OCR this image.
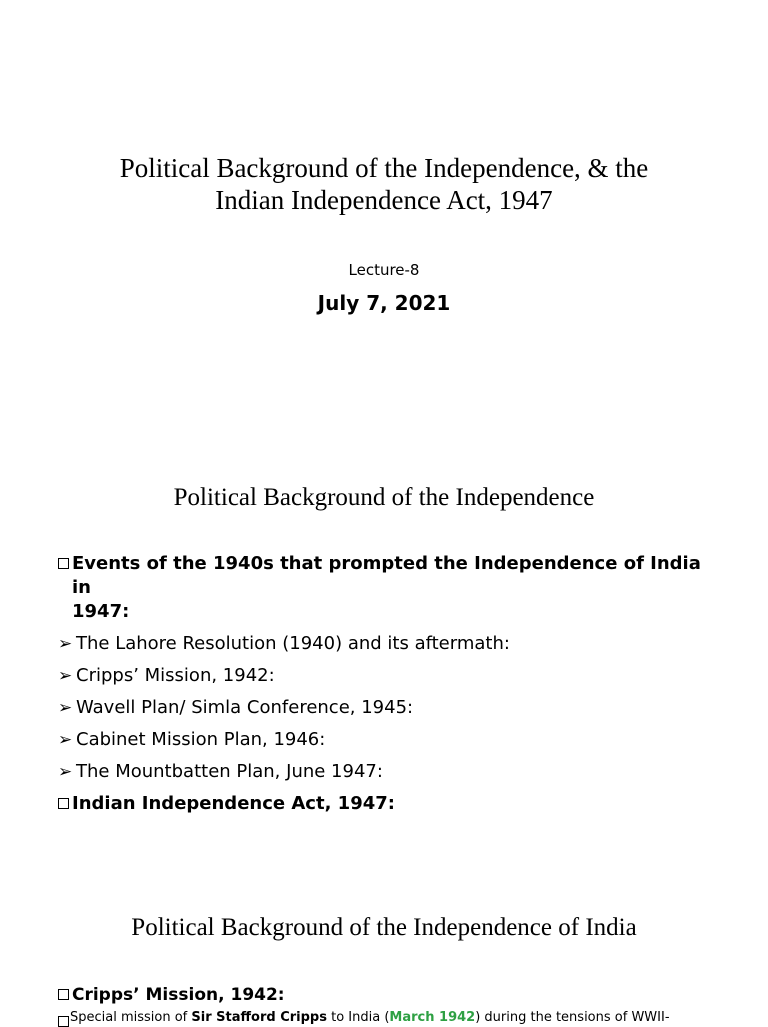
Political Background of the Independence, & the
Indian Independence Act, 1947
Lecture-8
July 7, 2021
Political Background of the Independence
Events of the 1940s that prompted the Independence of India in
1947:
➢ The Lahore Resolution (1940) and its aftermath:
➢ Cripps’ Mission, 1942:
➢ Wavell Plan/ Simla Conference, 1945:
➢ Cabinet Mission Plan, 1946:
➢ The Mountbatten Plan, June 1947:
Indian Independence Act, 1947:
Political Background of the Independence of India
Cripps’ Mission, 1942:
Special mission of Sir Stafford Cripps to India (March 1942) during the tensions of WWII-
